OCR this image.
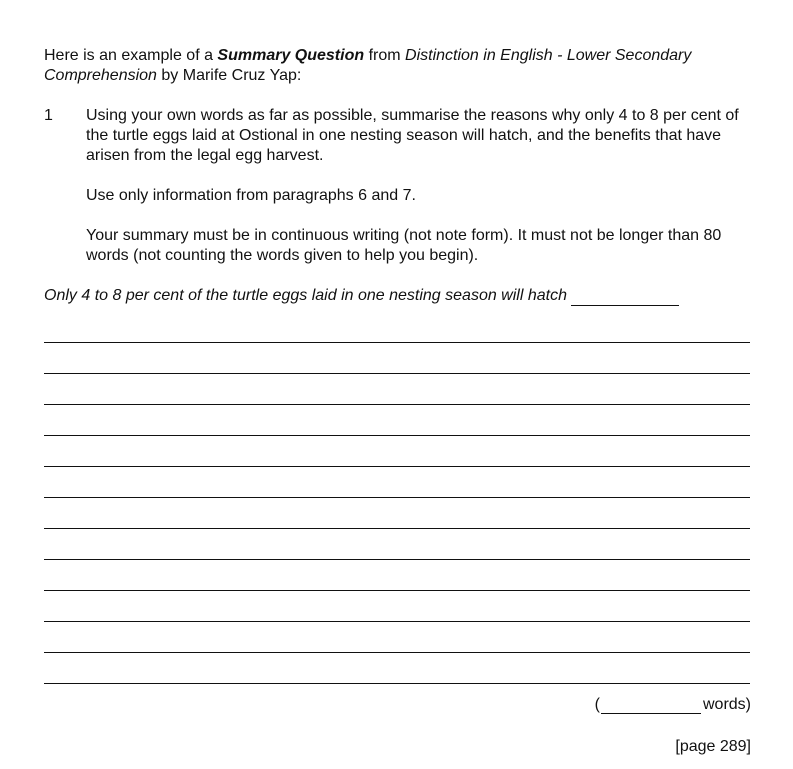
Here is an example of a Summary Question from Distinction in English - Lower Secondary Comprehension by Marife Cruz Yap:

1	Using your own words as far as possible, summarise the reasons why only 4 to 8 per cent of the turtle eggs laid at Ostional in one nesting season will hatch, and the benefits that have arisen from the legal egg harvest.

Use only information from paragraphs 6 and 7.

Your summary must be in continuous writing (not note form). It must not be longer than 80 words (not counting the words given to help you begin).

Only 4 to 8 per cent of the turtle eggs laid in one nesting season will hatch
(	words)
[page 289]
